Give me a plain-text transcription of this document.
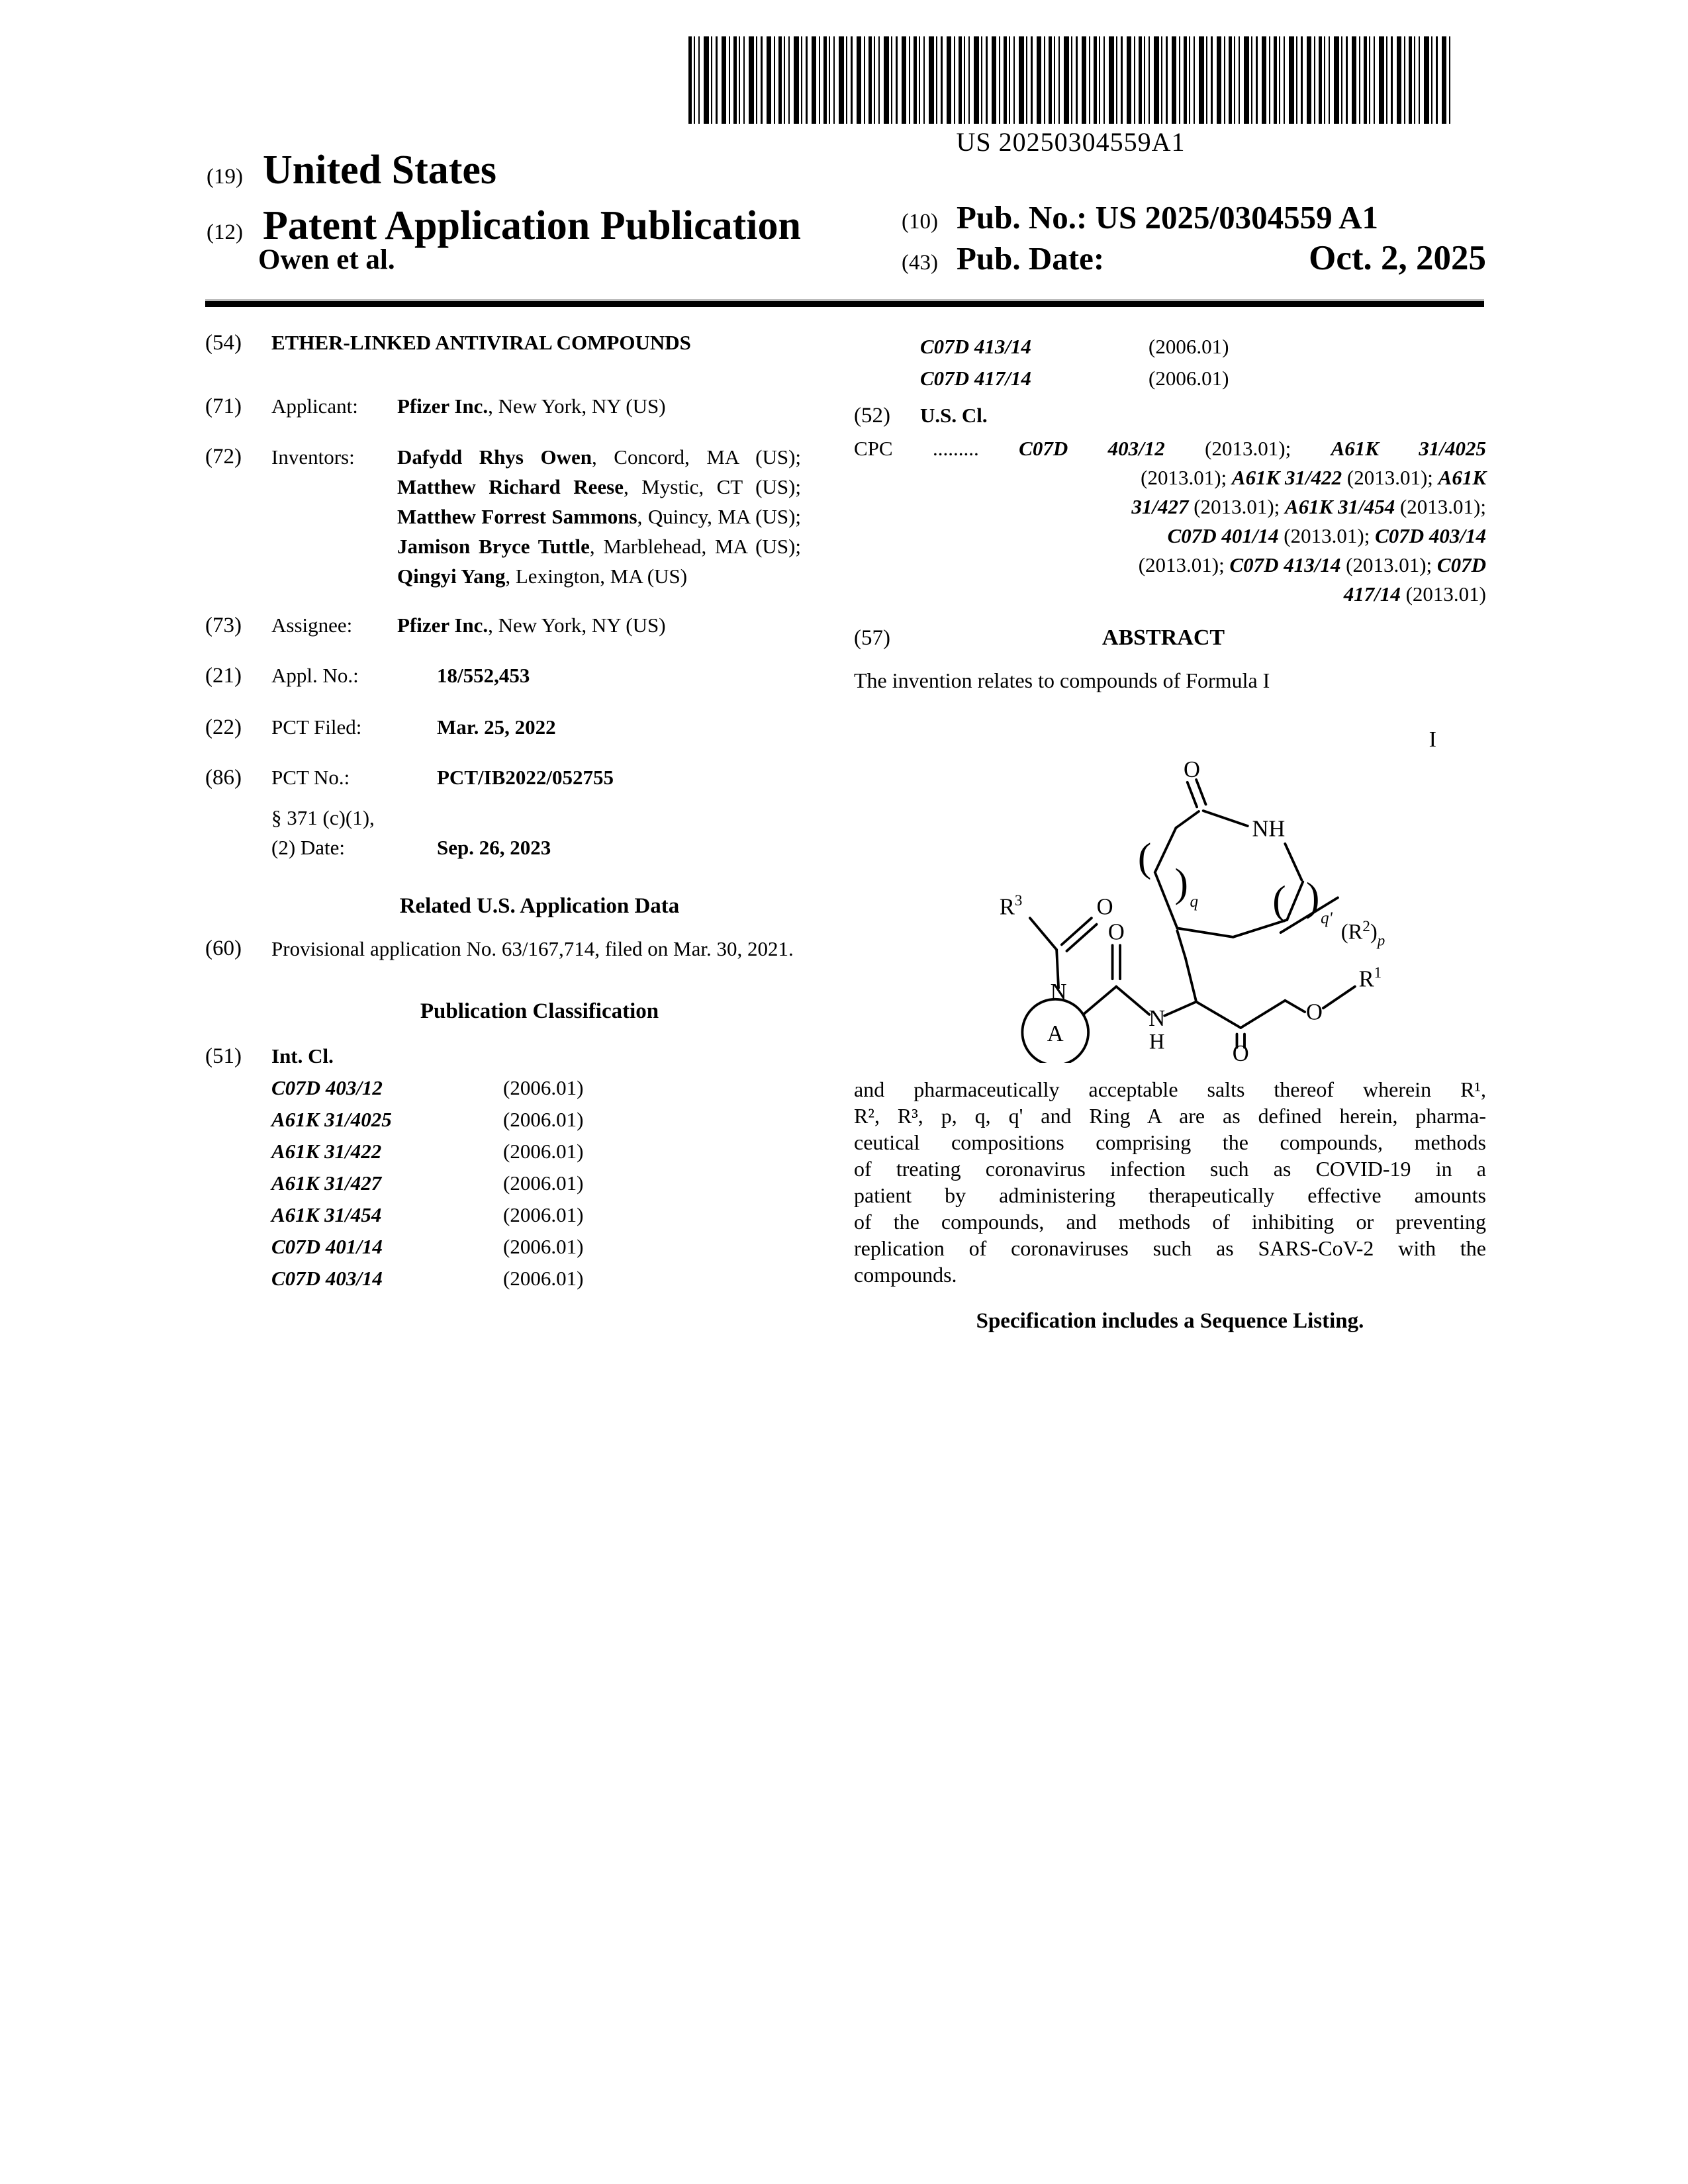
US 20250304559A1
(19) United States
(12) Patent Application Publication
Owen et al.
(10) Pub. No.: US 2025/0304559 A1
(43) Pub. Date:	Oct. 2, 2025
(54)	ETHER-LINKED ANTIVIRAL COMPOUNDS
(71)	Applicant:	Pfizer Inc., New York, NY (US)
(72)	Inventors:	Dafydd Rhys Owen, Concord, MA (US); Matthew Richard Reese, Mystic, CT (US); Matthew Forrest Sammons, Quincy, MA (US); Jamison Bryce Tuttle, Marblehead, MA (US); Qingyi Yang, Lexington, MA (US)
(73)	Assignee:	Pfizer Inc., New York, NY (US)
(21)	Appl. No.:	18/552,453
(22)	PCT Filed:	Mar. 25, 2022
(86)	PCT No.:	PCT/IB2022/052755
§ 371 (c)(1),
(2) Date:	Sep. 26, 2023
Related U.S. Application Data
(60)	Provisional application No. 63/167,714, filed on Mar. 30, 2021.
Publication Classification
(51)	Int. Cl.
C07D 403/12	(2006.01)
A61K 31/4025	(2006.01)
A61K 31/422	(2006.01)
A61K 31/427	(2006.01)
A61K 31/454	(2006.01)
C07D 401/14	(2006.01)
C07D 403/14	(2006.01)
C07D 413/14	(2006.01)
C07D 417/14	(2006.01)
(52)	U.S. Cl.
CPC ......... C07D 403/12 (2013.01); A61K 31/4025
(2013.01); A61K 31/422 (2013.01); A61K
31/427 (2013.01); A61K 31/454 (2013.01);
C07D 401/14 (2013.01); C07D 403/14
(2013.01); C07D 413/14 (2013.01); C07D
417/14 (2013.01)
(57)	ABSTRACT
The invention relates to compounds of Formula I
I
O
NH
(
) q ( ) q'
$(R^2)_p$
$R^3$	O
N
A
O
N
H	O
O
$R^1$
and pharmaceutically acceptable salts thereof wherein R¹,
R², R³, p, q, q' and Ring A are as defined herein, pharma-
ceutical compositions comprising the compounds, methods
of treating coronavirus infection such as COVID-19 in a
patient by administering therapeutically effective amounts
of the compounds, and methods of inhibiting or preventing
replication of coronaviruses such as SARS-CoV-2 with the
compounds.
Specification includes a Sequence Listing.
